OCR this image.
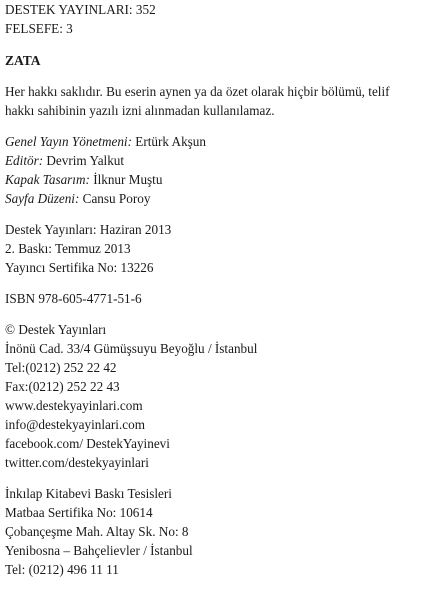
DESTEK YAYINLARI: 352
FELSEFE: 3
ZATA
Her hakkı saklıdır. Bu eserin aynen ya da özet olarak hiçbir bölümü, telif hakkı sahibinin yazılı izni alınmadan kullanılamaz.
Genel Yayın Yönetmeni: Ertürk Akşun
Editör: Devrim Yalkut
Kapak Tasarım: İlknur Muştu
Sayfa Düzeni: Cansu Poroy
Destek Yayınları: Haziran 2013
2. Baskı: Temmuz 2013
Yayıncı Sertifika No: 13226
ISBN 978-605-4771-51-6
© Destek Yayınları
İnönü Cad. 33/4 Gümüşsuyu Beyoğlu / İstanbul
Tel:(0212) 252 22 42
Fax:(0212) 252 22 43
www.destekyayinlari.com
info@destekyayinlari.com
facebook.com/ DestekYayinevi
twitter.com/destekyayinlari
İnkılap Kitabevi Baskı Tesisleri
Matbaa Sertifika No: 10614
Çobançeşme Mah. Altay Sk. No: 8
Yenibosna – Bahçelievler / İstanbul
Tel: (0212) 496 11 11
